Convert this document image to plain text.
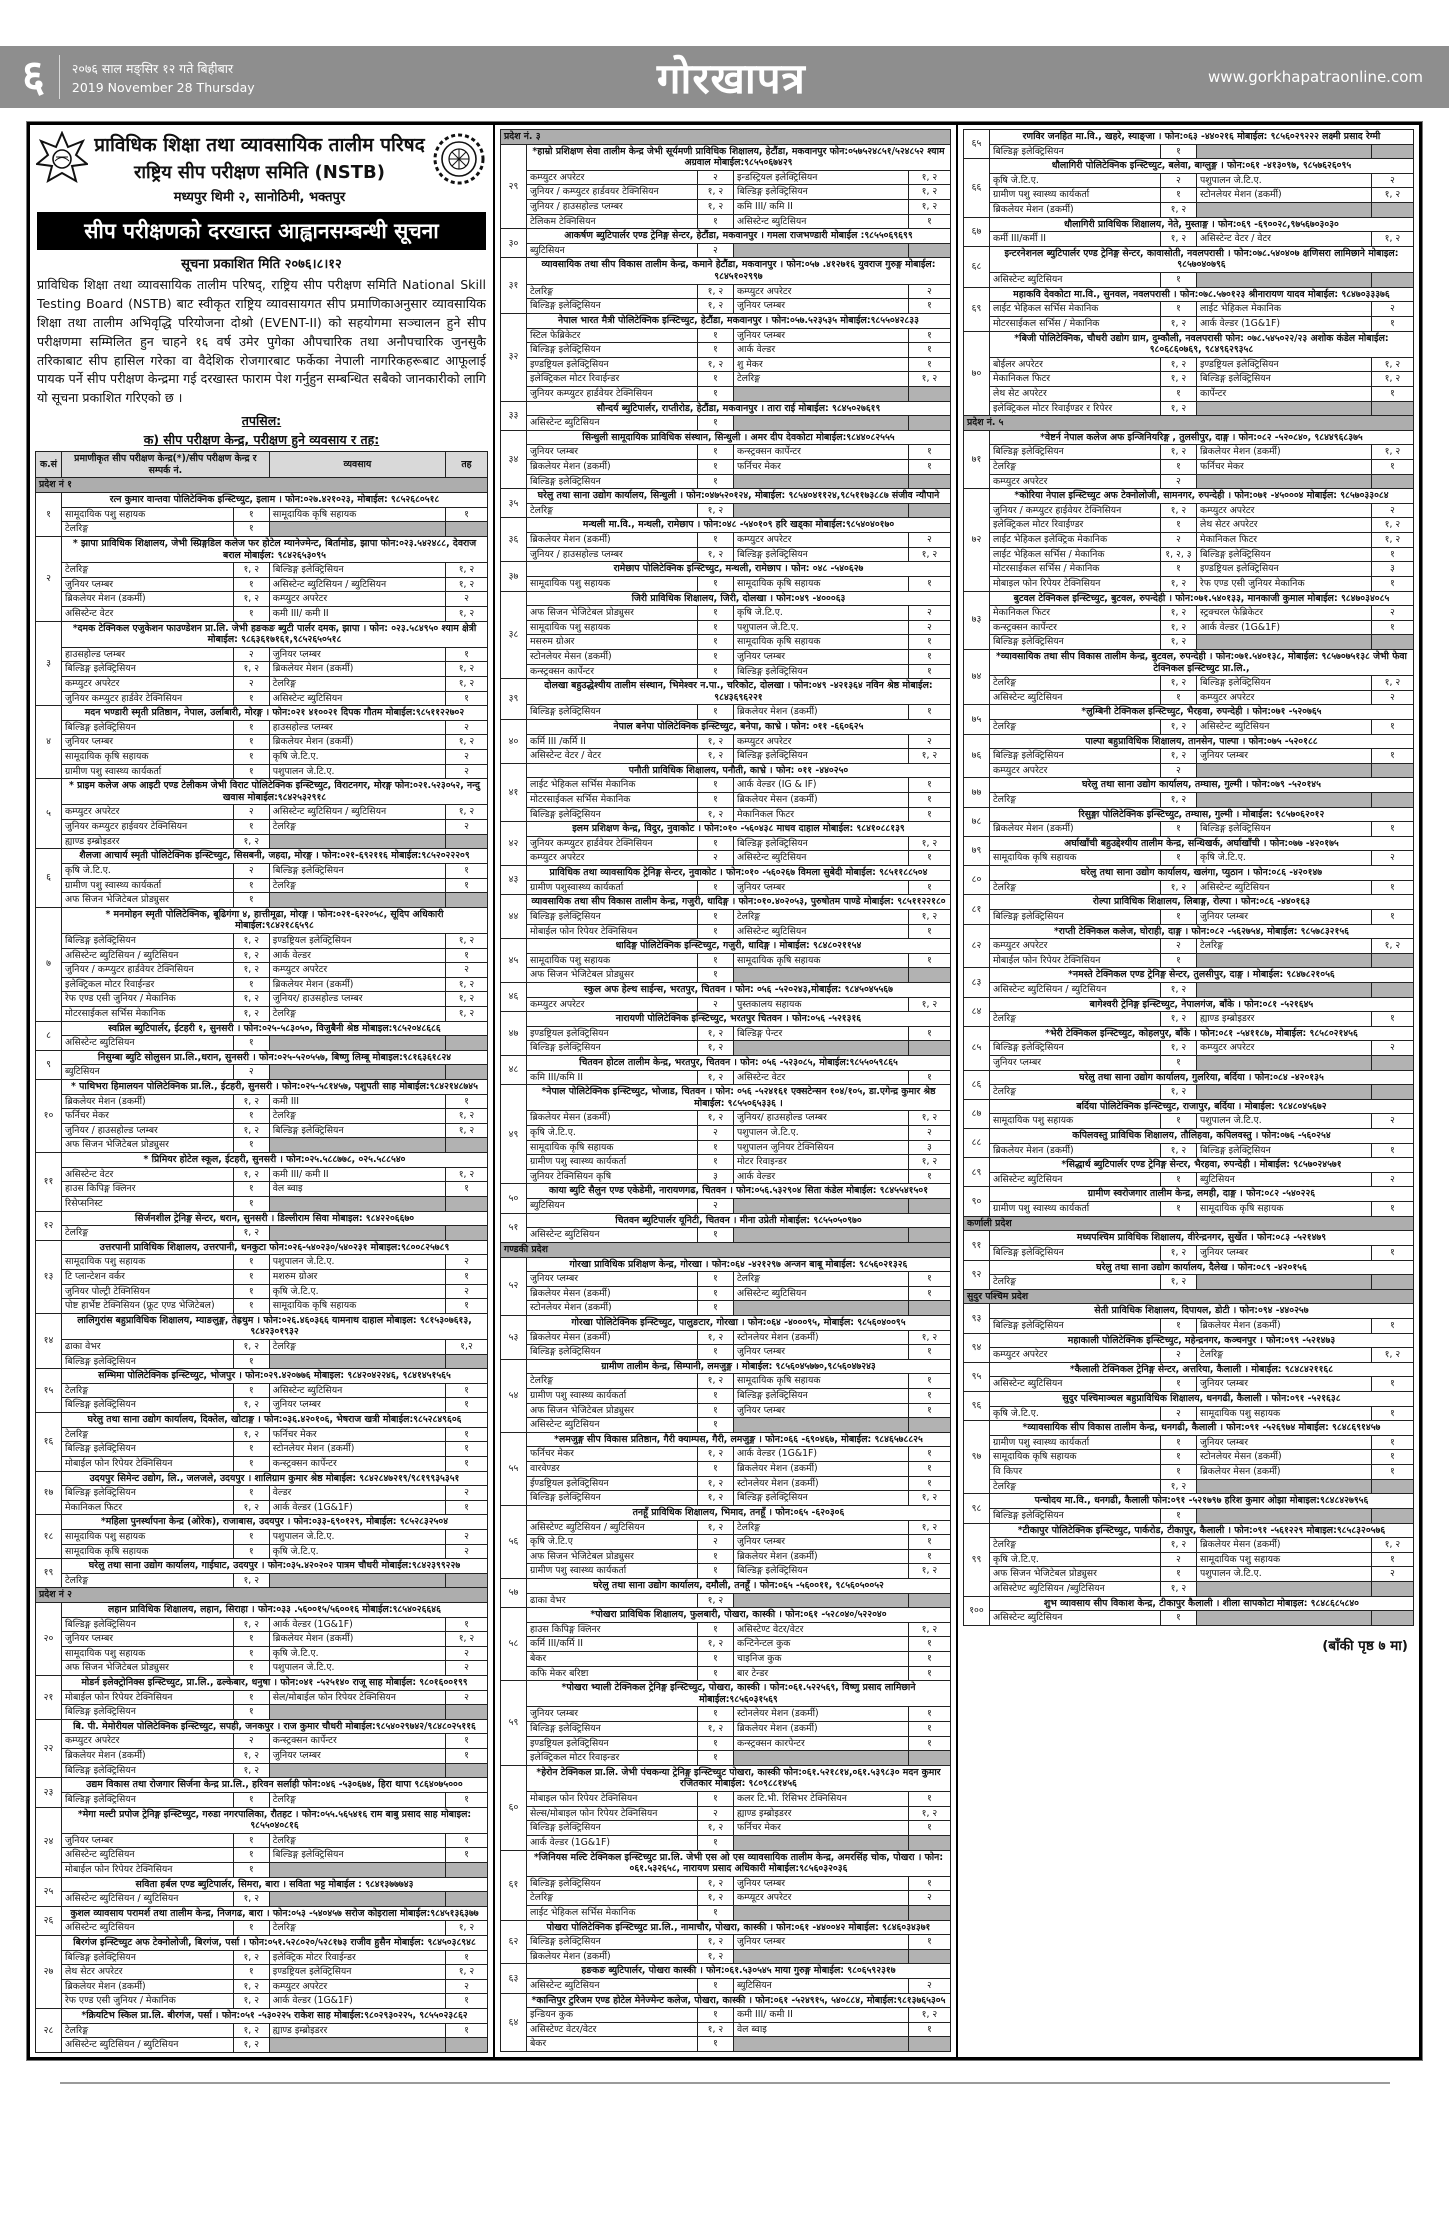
६	२०७६ साल मङ्सिर १२ गते बिहीबार
2019 November 28 Thursday	गोरखापत्र	www.gorkhapatraonline.com
प्राविधिक शिक्षा तथा व्यावसायिक तालीम परिषद
राष्ट्रिय सीप परीक्षण समिति (NSTB)
मध्यपुर थिमी २, सानोठिमी, भक्तपुर
सीप परीक्षणको दरखास्त आह्वानसम्बन्धी सूचना
सूचना प्रकाशित मिति २०७६।८।१२
प्राविधिक शिक्षा तथा व्यावसायिक तालीम परिषद्, राष्ट्रिय सीप परीक्षण समिति National Skill Testing Board (NSTB) बाट स्वीकृत राष्ट्रिय व्यावसायगत सीप प्रमाणिकाअनुसार व्यावसायिक शिक्षा तथा तालीम अभिवृद्धि परियोजना दोश्रो (EVENT-II) को सहयोगमा सञ्चालन हुने सीप परीक्षणमा सम्मिलित हुन चाहने १६ वर्ष उमेर पुगेका औपचारिक तथा अनौपचारिक जुनसुकै तरिकाबाट सीप हासिल गरेका वा वैदेशिक रोजगारबाट फर्केका नेपाली नागरिकहरूबाट आफूलाई पायक पर्ने सीप परीक्षण केन्द्रमा गई दरखास्त फाराम पेश गर्नुहुन सम्बन्धित सबैको जानकारीको लागि यो सूचना प्रकाशित गरिएको छ ।
तपसिल:
क) सीप परीक्षण केन्द्र, परीक्षण हुने व्यवसाय र तह:
क.सं	प्रमाणीकृत सीप परीक्षण केन्द्र(*)/सीप परीक्षण केन्द्र र सम्पर्क नं.		व्यवसाय	तह
प्रदेश नं १				
१	रत्न कुमार वान्तवा पोलिटेक्निक इन्स्टिच्युट, इलाम । फोन:०२७.४२१०२३, मोबाईल: ९८५२६८०५१८			
	सामूदायिक पशु सहायक	१	सामूदायिक कृषि सहायक	१
	टेलरिङ्ग	१		
२	* झापा प्राविधिक शिक्षालय, जेभी स्प्रिङ्गडिल कलेज फर होटेल म्यानेज्मेन्ट, बिर्तामोड, झापा फोन:०२३.५४२४८८, देवराज बराल मोबाईल: ९८४२६५३०९५			
	टेलरिङ्ग	१, २	बिल्डिङ्ग इलेक्ट्रिसियन	१, २
	जुनियर प्लम्बर	१	असिस्टेन्ट ब्युटिसियन / ब्युटिसियन	१, २
	ब्रिकलेयर मेशन (डकर्मी)	१, २	कम्प्युटर अपरेटर	२
	असिस्टेन्ट वेटर	१	कमी III/ कमी II	१, २
३	*दमक टेक्निकल एजुकेशन फाउण्डेशन प्रा.लि. जेभी हङकङ ब्युटी पार्लर दमक, झापा । फोन: ०२३.५८४९५० श्याम क्षेत्री मोबाईल: ९८६३६१७१६१,९८५२६५०५१८			
	हाउसहोल्ड प्लम्बर	२	जुनियर प्लम्बर	१
	बिल्डिङ्ग इलेक्ट्रिसियन	१, २	ब्रिकलेयर मेशन (डकर्मी)	१, २
	कम्प्युटर अपरेटर	२	टेलरिङ्ग	१, २
	जुनियर कम्प्युटर हार्डवेर टेक्निसियन	१	असिस्टेन्ट ब्युटिसियन	१
४	मदन भण्डारी स्मृती प्रतिष्ठान, नेपाल, उर्लाबारी, मोरङ्ग । फोन:०२१ ४१००२१ दिपक गौतम मोबाईल:९८५११२२७०२			
	बिल्डिङ्ग इलेक्ट्रिसियन	१	हाउसहोल्ड प्लम्बर	२
	जुनियर प्लम्बर	१	ब्रिकलेयर मेशन (डकर्मी)	१, २
	सामूदायिक कृषि सहायक	१	कृषि जे.टि.ए.	२
	ग्रामीण पशु स्वास्थ्य कार्यकर्ता	१	पशुपालन जे.टि.ए.	२
५	* प्राइम कलेज अफ आइटी एण्ड टेलीकम जेभी विराट पोलिटेक्निक इन्स्टिच्युट, विराटनगर, मोरङ्ग फोन:०२१.५२३०५२, नन्दु खवास मोबाईल:९८४२५३२९१८			
	कम्प्युटर अपरेटर	२	असिस्टेन्ट ब्युटिसियन / ब्युटिसियन	१, २
	जुनियर कम्प्युटर हाईवयर टेक्निसियन	१	टेलरिङ्ग	२
	ह्याण्ड इम्ब्रोइडरर	१, २		
६	शैलजा आचार्य स्मृती पोलिटेक्निक इन्स्टिच्युट, सिसबनी, जहदा, मोरङ्ग । फोन:०२१-६९२११६ मोबाईल:९८५२०२२२०९			
	कृषि जे.टि.ए.	२	बिल्डिङ्ग इलेक्ट्रिसियन	१
	ग्रामीण पशु स्वास्थ्य कार्यकर्ता	१	टेलरिङ्ग	१
	अफ सिजन भेजिटेबल प्रोड्युसर	१		
७	* मनमोहन स्मृती पोलिटेक्निक, बूढिगंगा ४, हात्तीमूढा, मोरङ्ग । फोन:०२१-६२२०५८, सूदिप अधिकारी मोबाईल:९८४२१८६५९८			
	बिल्डिङ्ग इलेक्ट्रिसियन	१, २	इण्डष्ट्रियल इलेक्ट्रिसियन	१, २
	असिस्टेन्ट ब्युटिसियन / ब्युटिसियन	१, २	आर्क वेल्डर	१
	जुनियर / कम्प्युटर हार्डवेयर टेक्निसियन	१, २	कम्प्युटर अपरेटर	२
	इलेक्ट्रिकल मोटर रिवाईन्डर	१	ब्रिकलेयर मेशन (डकर्मी)	१, २
	रेफ एण्ड एसी जुनियर / मेकानिक	१, २	जुनियर/ हाउसहोल्ड प्लम्बर	१, २
	मोटरसाईकल सर्भिस मेकानिक	१, २	टेलरिङ्ग	१, २
८	स्वप्निल ब्युटिपार्लर, ईटहरी १, सुनसरी । फोन:०२५-५८३०५०, विजुबैनी श्रेष्ठ मोबाइल:९८५२०४८६८६			
	असिस्टेन्ट ब्युटिसियन	१		
९	निसुम्बा ब्युटि सोलुसन प्रा.लि.,धरान, सुनसरी । फोन:०२५-५२०५५७, बिष्णु लिम्बू मोबाइल:९८१६३६१८२४			
	ब्युटिसियन	२		
१०	* पाथिभरा हिमालयन पोलिटेक्निक प्रा.लि., ईटहरी, सुनसरी । फोन:०२५-५८१४५७, पशुपती साह मोबाईल:९८४२१४८७४५			
	ब्रिकलेयर मेशन (डकर्मी)	१, २	कमी III	१
	फर्निचर मेकर	१	टेलरिङ्ग	१, २
	जुनियर / हाउसहोल्ड प्लम्बर	१, २	बिल्डिङ्ग इलेक्ट्रिसियन	१, २
	अफ सिजन भेजिटेबल प्रोड्युसर	१		
११	* प्रिमियर होटेल स्कूल, ईटहरी, सुनसरी । फोन:०२५.५८८७७८, ०२५.५८८५४०			
	असिस्टेन्ट वेटर	१, २	कमी III/ कमी II	१, २
	हाउस किपिङ्ग क्लिनर	१	वेल ब्वाइ	१
	रिसेप्सनिस्ट	१		
१२	सिर्जनशील ट्रेनिङ्ग सेन्टर, धरान, सुनसरी । डिल्लीराम सिवा मोबाइल: ९८४२२०६६७०			
	टेलरिङ्ग	१, २		
१३	उत्तरपानी प्राविधिक शिक्षालय, उत्तरपानी, धनकुटा फोन:०२६-५४०२३०/५४०२३१ मोबाइल:९८००८२५७८९			
	सामूदायिक पशु सहायक	१	पशुपालन जे.टि.ए.	२
	टि प्लान्टेशन वर्कर	१	मशरुम ग्रोअर	१
	जुनियर पोल्ट्री टेक्निसियन	१	कृषि जे.टि.ए.	२
	पोष्ट हार्भेष्ट टेक्निसियन (फ्रूट एण्ड भेजिटेबल)	१	सामूदायिक कृषि सहायक	१
१४	लालिगुरांस बहुप्राविधिक शिक्षालय, म्याङलुङ्ग, तेह्रथुम । फोन:०२६.४६०३६६ यामनाथ दाहाल मोबाइल: ९८१५३०७६१३, ९८४२३०१९३२			
	ढाका वेभर	१, २	टेलरिङ्ग	१,२
	बिल्डिङ्ग इलेक्ट्रिसियन	१		
१५	सम्भिमा पोलिटेक्निक इन्स्टिच्युट, भोजपुर । फोन:०२९.४२०७७६ मोबाइल: ९८४२०४२२४६, ९८४१४५१५६५			
	टेलरिङ्ग	१	असिस्टेन्ट ब्युटिसियन	१
	बिल्डिङ्ग इलेक्ट्रिसियन	१, २	जुनियर प्लम्बर	१
१६	घरेलु तथा साना उद्योग कार्यालय, दिक्तेल, खोटाङ्ग । फोन:०३६.४२०१०६, भेषराज खत्री मोबाईल:९८५२८४९६०६			
	टेलरिङ्ग	१, २	फर्निचर मेकर	१
	बिल्डिङ्ग इलेक्ट्रिसियन	१	स्टोनलेयर मेशन (डकर्मी)	१
	मोबाईल फोन रिपेयर टेक्निसियन	१	कन्स्ट्रक्सन कार्पेन्टर	१
१७	उदयपुर सिमेन्ट उद्योग, लि., जलजले, उदयपुर । शालिग्राम कुमार श्रेष्ठ मोबाईल: ९८४२८४७२१९/९८१९९३५३५१			
	बिल्डिङ्ग इलेक्ट्रिसियन	१	वेल्डर	२
	मेकानिकल फिटर	१, २	आर्क वेल्डर (1G&1F)	१
१८	*महिला पुनर्स्थापना केन्द्र (ओरेक), राजाबास, उदयपुर । फोन:०३३-६९०१२९, मोबाईल: ९८५२८३२५०४			
	सामूदायिक पशु सहायक	१	पशुपालन जे.टि.ए.	२
	सामूदायिक कृषि सहायक	१	कृषि जे.टि.ए.	२
१९	घरेलु तथा साना उद्योग कार्यालय, गाईघाट, उदयपुर । फोन:०३५.४२०२०२ पात्रम चौधरी मोबाईल:९८४२३९९२२७			
	टेलरिङ्ग	१, २		
प्रदेश नं २				
२०	लहान प्राविधिक शिक्षालय, लहान, सिराहा । फोन:०३३ .५६००१५/५६००१६ मोबाईल:९८५४०२६६४६			
	बिल्डिङ्ग इलेक्ट्रिसियन	१, २	आर्क वेल्डर (1G&1F)	१
	जुनियर प्लम्बर	१	ब्रिकलेयर मेशन (डकर्मी)	१, २
	सामूदायिक पशु सहायक	१	कृषि जे.टि.ए.	२
	अफ सिजन भेजिटेबल प्रोड्युसर	१	पशुपालन जे.टि.ए.	२
२१	मोडर्न इलेक्ट्रोनिक्स इन्स्टिच्युट, प्रा.लि., ढल्केबार, धनुषा । फोन:०४१ -५२५१४० राजू साह मोबाईल: ९८०१६००१९९			
	मोबाईल फोन रिपेयर टेक्निसियन	१	सेल/मोबाईल फोन रिपेयर टेक्निसियन	२
	बिल्डिङ्ग इलेक्ट्रिसियन	१		
२२	बि. पी. मेमोरीयल पोलिटेक्निक इन्स्टिच्युट, सपही, जनकपुर । राज कुमार चौधरी मोबाईल:९८५४०२९७४२/९८४८०२५११६			
	कम्प्युटर अपरेटर	२	कन्स्ट्रक्सन कार्पेन्टर	१
	ब्रिकलेयर मेशन (डकर्मी)	१, २	जुनियर प्लम्बर	१
	बिल्डिङ्ग इलेक्ट्रिसियन	१, २		
२३	उद्यम विकास तथा रोजगार सिर्जना केन्द्र प्रा.लि., हरिवन सर्लाही फोन:०४६ -५३०६७४, हिरा थापा ९८६४०७५०००			
	बिल्डिङ्ग इलेक्ट्रिसियन	१	टेलरिङ्ग	१
२४	*मेगा मल्टी प्रपोज ट्रेनिङ्ग इन्स्टिच्युट, गरुडा नगरपालिका, रौतहट । फोन:०५५.५६५४१६ राम बाबु प्रसाद साह मोबाइल: ९८५५०४०८१६			
	जुनियर प्लम्बर	१	टेलरिङ्ग	१
	असिस्टेन्ट ब्युटिसियन	१	बिल्डिङ्ग इलेक्ट्रिसियन	१
	मोबाईल फोन रिपेयर टेक्निसियन	१		
२५	सविता हर्बल एण्ड ब्युटिपार्लर, सिमरा, बारा । सविता भट्ट मोबाईल : ९८४१३७७७४३			
	असिस्टेन्ट ब्युटिसियन / ब्युटिसियन	१, २		
२६	कुशल व्यावसाय परामर्श तथा तालीम केन्द्र, निजगढ, बारा । फोन:०५३ -५४०४५७ सरोज कोइराला मोबाईल:९८४५१३६३७७			
	असिस्टेन्ट ब्युटिसियन	१	टेलरिङ्ग	१, २
२७	बिरगंज इन्स्टिच्युट अफ टेक्नोलोजी, बिरगंज, पर्सा । फोन:०५१.५२८०२०/५२८१७३ राजीव हुसैन मोबाईल: ९८४५०३८९४८			
	बिल्डिङ्ग इलेक्ट्रिसियन	१, २	इलेक्ट्रिक मोटर रिवाईन्डर	१
	लेथ सेटर अपरेटर	१	इण्डष्ट्रियल इलेक्ट्रिसियन	१, २
	ब्रिकलेयर मेशन (डकर्मी)	१, २	कम्प्युटर अपरेटर	२
	रेफ एण्ड एसी जुनियर / मेकानिक	१, २	आर्क वेल्डर (1G&1F)	१
२८	*क्रियटिभ स्किल प्रा.लि. बीरगंज, पर्सा । फोन:०५१ -५३०२२५ राकेश साह मोबाईल:९८०२९३०२२५, ९८५५०२३८६२			
	टेलरिङ्ग	१, २	ह्याण्ड इम्ब्रोइडरर	१
	असिस्टेन्ट ब्युटिसियन / ब्युटिसियन	१, २		
प्रदेश नं. ३				
२९	*हाम्रो प्रशिक्षण सेवा तालीम केन्द्र जेभी सूर्यमणी प्राविधिक शिक्षालय, हेटौंडा, मकवानपुर फोन:०५७५२४८५१/५२४८५२ श्याम अग्रवाल मोबाईल:९८५५०६७४२९			
	कम्प्युटर अपरेटर	२	इन्डस्ट्रियल इलेक्ट्रिसियन	१, २
	जुनियर / कम्प्युटर हार्डवयर टेक्निसियन	१, २	बिल्डिङ्ग इलेक्ट्रिसियन	१, २
	जुनियर / हाउसहोल्ड प्लम्बर	१, २	कमि III/ कमि II	१, २
	टेलिकम टेक्निसियन	१	असिस्टेन्ट ब्युटिसियन	१
३०	आकर्षण ब्युटिपार्लर एण्ड ट्रेनिङ्ग सेन्टर, हेटौंडा, मकवानपुर । गमला राजभण्डारी मोबाईल :९८५५०६९६९९			
	ब्युटिसियन	२		
३१	व्यावसायिक तथा सीप विकास तालीम केन्द्र, कमाने हेटौंडा, मकवानपुर । फोन:०५७ .४१२७१६ युवराज गुरुङ्ग मोबाईल: ९८४५१०२९९७			
	टेलरिङ्ग	१, २	कम्प्युटर अपरेटर	२
	बिल्डिङ्ग इलेक्ट्रिसियन	१, २	जुनियर प्लम्बर	१
३२	नेपाल भारत मैत्री पोलिटेक्निक इन्स्टिच्युट, हेटौंडा, मकवानपुर । फोन:०५७.५२३५३५ मोबाईल:९८५५०४२८३३			
	स्टिल फेब्रिकेटर	१	जुनियर प्लम्बर	१
	बिल्डिङ्ग इलेक्ट्रिसियन	१	आर्क वेल्डर	१
	इण्डष्ट्रियल इलेक्ट्रिसियन	१, २	शु मेकर	१
	इलेक्ट्रिकल मोटर रिवाईन्डर	१	टेलरिङ्ग	१, २
	जुनियर कम्प्युटर हार्डवेयर टेक्निसियन	१		
३३	सौन्दर्य ब्युटिपार्लर, राप्तीरोड, हेटौंडा, मकवानपुर । तारा राई मोबाईल: ९८४५०२७६१९			
	असिस्टेन्ट ब्युटिसियन	१		
३४	सिन्धुली सामूदायिक प्राविधिक संस्थान, सिन्धुली । अमर दीप देवकोटा मोबाईल:९८४४०८२५५५			
	जुनियर प्लम्बर	१	कन्स्ट्रक्सन कार्पेन्टर	१
	ब्रिकलेयर मेशन (डकर्मी)	१	फर्निचर मेकर	१
	बिल्डिङ्ग इलेक्ट्रिसियन	१		
३५	घरेलु तथा साना उद्योग कार्यालय, सिन्धुली । फोन:०४७५२०१२४, मोबाईल: ९८५४०४११२४,९८५११७३८८७ संजीव न्यौपाने			
	टेलरिङ्ग	१, २		
३६	मन्थली मा.वि., मन्थली, रामेछाप । फोन:०४८ -५४०१०९ हरि खड्का मोबाईल:९८५४०४०१७०			
	ब्रिकलेयर मेशन (डकर्मी)	१	कम्प्युटर अपरेटर	२
	जुनियर / हाउसहोल्ड प्लम्बर	१, २	बिल्डिङ्ग इलेक्ट्रिसियन	१, २
३७	रामेछाप पोलिटेक्निक इन्स्टिच्युट, मन्थली, रामेछाप । फोन: ०४८ -५४०६२७			
	सामूदायिक पशु सहायक	१	सामूदायिक कृषि सहायक	१
३८	जिरी प्राविधिक शिक्षालय, जिरी, दोलखा । फोन:०४९ -४०००६३			
	अफ सिजन भेजिटेबल प्रोड्युसर	१	कृषि जे.टि.ए.	२
	सामूदायिक पशु सहायक	१	पशुपालन जे.टि.ए.	२
	मसरुम ग्रोअर	१	सामूदायिक कृषि सहायक	१
	स्टोनलेयर मेसन (डकर्मी)	१	जुनियर प्लम्बर	१
	कन्स्ट्रक्सन कार्पेन्टर	१	बिल्डिङ्ग इलेक्ट्रिसियन	१
३९	दोलखा बहुउद्धेश्यीय तालीम संस्थान, भिमेश्वर न.पा., चरिकोट, दोलखा । फोन:०४९ -४२१३६४ नविन श्रेष्ठ मोबाईल: ९८४३६९६२२१			
	बिल्डिङ्ग इलेक्ट्रिसियन	१	ब्रिकलेयर मेशन (डकर्मी)	१
४०	नेपाल बनेपा पोलिटेक्निक इन्स्टिच्युट, बनेपा, काभ्रे । फोन: ०११ -६६०६२५			
	कर्मि III /कर्मि II	१, २	कम्प्युटर अपरेटर	२
	असिस्टेन्ट वेटर / वेटर	१, २	बिल्डिङ्ग इलेक्ट्रिसियन	१, २
४१	पनौती प्राविधिक शिक्षालय, पनौती, काभ्रे । फोन: ०११ -४४०२५०			
	लाईट भेहिकल सर्भिस मेकानिक	१	आर्क वेल्डर (IG & IF)	१
	मोटरसाईकल सर्भिस मेकानिक	१	ब्रिकलेयर मेसन (डकर्मी)	१
	बिल्डिङ्ग इलेक्ट्रिसियन	१, २	मेकानिकल फिटर	१
४२	इलम प्रशिक्षण केन्द्र, विदुर, नुवाकोट । फोन:०१० -५६०४३८ माधव दाहाल मोबाईल: ९८४१०८८१३९			
	जुनियर कम्प्युटर हार्डवेयर टेक्निसियन	१	बिल्डिङ्ग इलेक्ट्रिसियन	१, २
	कम्प्युटर अपरेटर	२	असिस्टेन्ट ब्युटिसियन	१
४३	प्राविधिक तथा व्यावसायिक ट्रेनिङ्ग सेन्टर, नुवाकोट । फोन:०१० -५६०२६७ विमला सुबेदी मोबाईल: ९८५११८८५०४			
	ग्रामीण पशुस्वास्थ्य कार्यकर्ता	१	जुनियर प्लम्बर	१
४४	व्यावसायिक तथा सीप विकास तालीम केन्द्र, गजुरी, धादिङ्ग । फोन:०१०.४०२०५३, पुरुषोतम पाण्डे मोबाईल: ९८५११२२१८०			
	बिल्डिङ्ग इलेक्ट्रिसियन	१	टेलरिङ्ग	१, २
	मोबाईल फोन रिपेयर टेक्निसियन	१	असिस्टेन्ट ब्युटिसियन	१
४५	धादिङ्ग पोलिटेक्निक इन्स्टिच्युट, गजुरी, धादिङ्ग । मोबाईल: ९८४८०२११५४			
	सामूदायिक पशु सहायक	१	सामूदायिक कृषि सहायक	१
	अफ सिजन भेजिटेबल प्रोड्युसर	१		
४६	स्कुल अफ हेल्थ साईन्स, भरतपुर, चितवन । फोन: ०५६ -५२०२४३,मोबाईल: ९८४५०४५५६७			
	कम्प्युटर अपरेटर	२	पुस्तकालय सहायक	१, २
४७	नारायणी पोलिटेक्निक इन्स्टिच्युट, भरतपुर चितवन । फोन:०५६ -५२१३१६			
	इण्डष्ट्रियल इलेक्ट्रिसियन	१, २	बिल्डिङ्ग पेन्टर	१
	बिल्डिङ्ग इलेक्ट्रिसियन	१, २		
४८	चितवन होटल तालीम केन्द्र, भरतपुर, चितवन । फोन: ०५६ -५२३०८५, मोबाईल:९८५५०५९८६५			
	कमि III/कमि II	१, २	असिस्टेन्ट वेटर	१
४९	*नेपाल पोलिटेक्निक इन्स्टिच्युट, भोजाड, चितवन । फोन: ०५६ -५२४१६१ एक्सटेन्सन १०४/१०५, डा.एगेन्द्र कुमार श्रेष्ठ मोबाईल: ९८५५०६५३३६ ।			
	ब्रिकलेयर मेसन (डकर्मी)	१, २	जुनियर/ हाउसहोल्ड प्लम्बर	१, २
	कृषि जे.टि.ए.	२	पशुपालन जे.टि.ए.	२
	सामूदायिक कृषि सहायक	१	पशुपालन जुनियर टेक्निसियन	३
	ग्रामीण पशु स्वास्थ्य कार्यकर्ता	१	मोटर रिवाइन्डर	१, २
	जुनियर टेक्निसियन कृषि	३	आर्क वेल्डर	१
५०	काया ब्युटि सैलुन एण्ड एकेडेमी, नारायणगढ, चितवन । फोन:०५६.५३२९०४ सिता कंडेल मोबाईल: ९८४५५४१५०१			
	ब्युटिसियन	२		
५१	चितवन ब्युटिपार्लर यूनिटी, चितवन । मीना उप्रेती मोबाईल: ९८५५०५०९७०			
	असिस्टेन्ट ब्युटिसियन	१		
गण्डकी प्रदेश				
५२	गोरखा प्राविधिक प्रशिक्षण केन्द्र, गोरखा । फोन:०६४ -४२१२९७ अन्जन बाबू मोबाईल: ९८५६०२१३२६			
	जुनियर प्लम्बर	१	टेलरिङ्ग	१
	ब्रिकलेयर मेसन (डकर्मी)	१	असिस्टेन्ट ब्युटिसियन	१
	स्टोनलेयर मेशन (डकर्मी)	१		
५३	गोरखा पोलिटेक्निक इन्स्टिच्युट, पालुङटार, गोरखा । फोन:०६४ -४०००९५, मोबाईल: ९८५६०४००९५			
	ब्रिकलेयर मेसन (डकर्मी)	१, २	स्टोनलेयर मेशन (डकर्मी)	१, २
	बिल्डिङ्ग इलेक्ट्रिसियन	१	जुनियर प्लम्बर	१
५४	ग्रामीण तालीम केन्द्र, सिम्पानी, लमजुङ्ग । मोबाईल: ९८५६०४५७७०,९८५६०४७२४३			
	टेलरिङ्ग	१, २	सामूदायिक कृषि सहायक	१
	ग्रामीण पशु स्वास्थ्य कार्यकर्ता	१	बिल्डिङ्ग इलेक्ट्रिसियन	१
	अफ सिजन भेजिटेबल प्रोड्युसर	१	जुनियर प्लम्बर	१
	असिस्टेन्ट ब्युटिसियन	१		
५५	*लमजुङ्ग सीप विकास प्रतिष्ठान, गैरी क्याम्पस, गैरी, लमजुङ्ग । फोन:०६६ -६९०४६७, मोबाईल: ९८४६५७८८२५			
	फर्निचर मेकर	१, २	आर्क वेल्डर (1G&1F)	१
	वारवेण्डर	१	ब्रिकलेयर मेशन (डकर्मी)	१
	ईण्डष्ट्रियल इलेक्ट्रिसियन	१, २	स्टोनलेयर मेशन (डकर्मी)	१
	बिल्डिङ्ग इलेक्ट्रिसियन	१, २	बिल्डिङ्ग इलेक्ट्रिसियन	१, २
५६	तनहूँ प्राविधिक शिक्षालय, भिमाद, तनहूँ । फोन:०६५ -६२०३०६			
	असिस्टेण्ट ब्युटिसियन / ब्युटिसियन	१, २	टेलरिङ्ग	१, २
	कृषि जे.टि.ए	२	जुनियर प्लम्बर	१
	अफ सिजन भेजिटेबल प्रोड्युसर	१	ब्रिकलेयर मेशन (डकर्मी)	१
	ग्रामीण पशु स्वास्थ्य कार्यकर्ता	१	बिल्डिङ्ग इलेक्ट्रिसियन	१, २
५७	घरेलु तथा साना उद्योग कार्यालय, दमौली, तनहूँ । फोन:०६५ -५६००११, ९८५६०५००५२			
	ढाका वेभर	१, २		
५८	*पोखरा प्राविधिक शिक्षालय, फुलबारी, पोखरा, कास्की । फोन:०६१ -५२८०४०/५२२०४०			
	हाउस किपिङ्ग क्लिनर	१	असिस्टेण्ट वेटर/वेटर	१, २
	कर्मि III/कर्मि II	१, २	कन्टिनेन्टल कुक	१
	बेकर	१	चाइनिज कुक	१
	कफि मेकर बरिष्टा	१	बार टेन्डर	१
५९	*पोखरा भ्याली टेक्निकल ट्रेनिङ्ग इन्स्टिच्युट, पोखरा, कास्की । फोन:०६१.५२२५६९, विष्णु प्रसाद लामिछाने मोबाईल:९८५६०३१५६९			
	जुनियर प्लम्बर	१	स्टोनलेयर मेशन (डकर्मी)	१
	बिल्डिङ्ग इलेक्ट्रिसियन	१, २	ब्रिकलेयर मेशन (डकर्मी)	१
	इण्डष्ट्रियल इलेक्ट्रिसियन	१	कन्स्ट्रक्सन कारपेन्टर	१
	इलेक्ट्रिकल मोटर रिवाइन्डर	१		
६०	*हेरोन टेक्निकल प्रा.लि. जेभी पंचकन्या ट्रेनिङ्ग इन्स्टिच्युट पोखरा, कास्की फोन:०६१.५२१८१४,०६१.५३९८३० मदन कुमार रजितकार मोबाईल: ९८०९८८१४५६			
	मोबाइल फोन रिपेयर टेक्निसियन	१	कलर टि.भी. रिसिभर टेक्निसियन	१
	सेल्स/मोबाइल फोन रिपेयर टेक्निसियन	२	ह्याण्ड इम्ब्रोइडरर	१, २
	बिल्डिङ्ग इलेक्ट्रिसियन	१, २	फर्निचर मेकर	१
	आर्क वेल्डर (1G&1F)	१		
६१	*जिनियस मल्टि टेक्निकल इन्स्टिच्युट प्रा.लि. जेभी एस ओ एस व्यावसायिक तालीम केन्द्र, अमरसिंह चोक, पोखरा । फोन: ०६१.५३२६५८, नारायण प्रसाद अधिकारी मोबाईल:९८५६०३२०३६			
	बिल्डिङ्ग इलेक्ट्रिसियन	१, २	जुनियर प्लम्बर	१
	टेलरिङ्ग	१, २	कम्प्यूटर अपरेटर	२
	लाईट भेहिकल सर्भिस मेकानिक	१		
६२	पोखरा पोलिटेक्निक इन्स्टिच्युट प्रा.लि., नामाचौर, पोखरा, कास्की । फोन:०६१ -४४००४२ मोबाईल: ९८४६०३४३७१			
	बिल्डिङ्ग इलेक्ट्रिसियन	१, २	जुनियर प्लम्बर	१
	ब्रिकलेयर मेशन (डकर्मी)	१, २		
६३	हङकङ ब्युटिपार्लर, पोखरा कास्की । फोन:०६१.५३०५४५ माया गुरुङ्ग मोबाईल: ९८०६५९२३१७			
	असिस्टेन्ट ब्युटिसियन	१	ब्युटिसियन	२
६४	*कान्तिपुर टुरिजम एण्ड होटेल मेनेज्मेन्ट कलेज, पोखरा, कास्की । फोन:०६१ -५२४९१५, ५४०८८४, मोबाईल:९८१३७६५३०५			
	इन्डियन कुक	१	कमी III/ कमी II	१, २
	असिस्टेण्ट वेटर/वेटर	१, २	वेल ब्वाइ	१
	बेकर	१		
६५	रणविर जनहित मा.वि., खहरे, स्याङ्जा । फोन:०६३ -४४०२१६ मोबाईल: ९८५६०२९२२२ लक्ष्मी प्रसाद रेग्मी			
	बिल्डिङ्ग इलेक्ट्रिसियन	१		
६६	धौलागिरी पोलिटेक्निक इन्स्टिच्युट, बलेवा, बाग्लुङ्ग । फोन:०६१ -४१३०९७, ९८५७६२६०९५			
	कृषि जे.टि.ए.	२	पशुपालन जे.टि.ए.	२
	ग्रामीण पशु स्वास्थ्य कार्यकर्ता	१	स्टोनलेयर मेशन (डकर्मी)	१, २
	ब्रिकलेयर मेशन (डकर्मी)	१, २		
६७	धौलागिरी प्राविधिक शिक्षालय, नेते, मुस्ताङ्ग । फोन:०६९ -६९००२८,९७५६७०३०३०			
	कर्मी III/कर्मी II	१, २	असिस्टेन्ट वेटर / वेटर	१, २
६८	इन्टरनेशनल ब्युटिपार्लर एण्ड ट्रेनिङ्ग सेन्टर, कावासोती, नवलपरासी । फोन:०७८.५४०४०७ क्षणिसरा लामिछाने मोबाइल: ९८५७०४०७९६			
	असिस्टेन्ट ब्युटिसियन	१		
६९	महाकवि देवकोटा मा.वि., सुनवल, नवलपरासी । फोन:०७८.५७०१२३ श्रीनारायण यादव मोबाईल: ९८४७०३३३७६			
	लाईट भेहिकल सर्भिस मेकानिक	१	लाईट भेहिकल मेकानिक	२
	मोटरसाईकल सर्भिस / मेकानिक	१, २	आर्क वेल्डर (1G&1F)	१
७०	*बिजी पोलिटेक्निक, चौधरी उद्योग ग्राम, दुम्कौली, नवलपरासी फोन: ०७८.५४५०२२/२३ अशोक कंडेल मोबाईल: ९८०६८६०७६९, ९८४९६२९३५८			
	बोईलर अपरेटर	१, २	इण्डष्ट्रियल इलेक्ट्रिसियन	१, २
	मेकानिकल फिटर	१, २	बिल्डिङ्ग इलेक्ट्रिसियन	१, २
	लेथ सेट अपरेटर	१	कार्पेन्टर	१
	इलेक्ट्रिकल मोटर रिवाईण्डर र रिपेरर	१, २		
प्रदेश नं. ५				
७१	*वेष्टर्न नेपाल कलेज अफ इन्जिनियरिङ्ग , तुलसीपुर, दाङ्ग । फोन:०८२ -५२०८४०, ९८४४९६८३७५			
	बिल्डिङ्ग इलेक्ट्रिसियन	१, २	ब्रिकलेयर मेशन (डकर्मी)	१, २
	टेलरिङ्ग	१	फर्निचर मेकर	१
	कम्प्युटर अपरेटर	२		
७२	*कोरिया नेपाल इन्स्टिच्युट अफ टेक्नोलोजी, सामनगर, रुपन्देही । फोन:०७१ -४५०००४ मोबाईल: ९८५७०३३०८४			
	जुनियर / कम्प्युटर हाईवेयर टेक्निसियन	१, २	कम्प्युटर अपरेटर	२
	इलेक्ट्रिकल मोटर रिवाईण्डर	१	लेथ सेटर अपरेटर	१, २
	लाईट भेहिकल इलेक्ट्रिक मेकानिक	२	मेकानिकल फिटर	१, २
	लाईट भेहिकल सर्भिस / मेकानिक	१, २, ३	बिल्डिङ्ग इलेक्ट्रिसियन	१
	मोटरसाईकल सर्भिस / मेकानिक	१	इण्डष्ट्रियल इलेक्ट्रिसियन	३
	मोबाइल फोन रिपेयर टेक्निसियन	१, २	रेफ एण्ड एसी जुनियर मेकानिक	१
७३	बुटवल टेक्निकल इन्स्टिच्युट, बुटवल, रुपन्देही । फोन:०७१.५४०१३३, मानकाजी कुमाल मोबाईल: ९८४७०३४०८५			
	मेकानिकल फिटर	१, २	स्ट्रक्चरल फेब्रिकेटर	२
	कन्स्ट्रक्सन कार्पेन्टर	१, २	आर्क वेल्डर (1G&1F)	१
	बिल्डिङ्ग इलेक्ट्रिसियन	१, २		
७४	*व्यावसायिक तथा सीप विकास तालीम केन्द्र, बुटवल, रुपन्देही । फोन:०७१.५४०१३८, मोबाईल: ९८५७०७५१३८ जेभी फेवा टेक्निकल इन्स्टिच्युट प्रा.लि.,			
	टेलरिङ्ग	१, २	बिल्डिङ्ग इलेक्ट्रिसियन	१, २
	असिस्टेन्ट ब्युटिसियन	१	कम्प्युटर अपरेटर	२
७५	*लुम्बिनी टेक्निकल इन्स्टिच्युट, भैरहवा, रुपन्देही । फोन:०७१ -५२०७६५			
	टेलरिङ्ग	१, २	असिस्टेन्ट ब्युटिसियन	१
७६	पाल्पा बहुप्राविधिक शिक्षालय, तानसेन, पाल्पा । फोन:०७५ -५२०१८८			
	बिल्डिङ्ग इलेक्ट्रिसियन	१, २	जुनियर प्लम्बर	१
	कम्प्युटर अपरेटर	२		
७७	घरेलु तथा साना उद्योग कार्यालय, तम्घास, गुल्मी । फोन:०७९ -५२०१४५			
	टेलरिङ्ग	१, २		
७८	रिसुङ्गा पोलिटेक्निक इन्स्टिच्युट, तम्घास, गुल्मी । मोबाईल: ९८५७०६२०१२			
	ब्रिकलेयर मेशन (डकर्मी)	१	बिल्डिङ्ग इलेक्ट्रिसियन	१
७९	अर्घाखाँची बहुउद्देश्यीय तालीम केन्द्र, सन्धिखर्क, अर्घाखाँची । फोन:०७७ -४२०१७५			
	सामूदायिक कृषि सहायक	१	कृषि जे.टि.ए.	२
८०	घरेलु तथा साना उद्योग कार्यालय, खलंगा, प्युठान । फोन:०८६ -४२०१४७			
	टेलरिङ्ग	१, २	असिस्टेन्ट ब्युटिसियन	१
८१	रोल्पा प्राविधिक शिक्षालय, लिबाङ्ग, रोल्पा । फोन:०८६ -४४०१६३			
	बिल्डिङ्ग इलेक्ट्रिसियन	१	जुनियर प्लम्बर	१
८२	*राप्ती टेक्निकल कलेज, घोराही, दाङ्ग । फोन:०८२ -५६२७५४, मोबाईल: ९८५७८३२१५६			
	कम्प्युटर अपरेटर	२	टेलरिङ्ग	१, २
	मोबाईल फोन रिपेयर टेक्निसियन	१		
८३	*नमस्ते टेक्निकल एण्ड ट्रेनिङ्ग सेन्टर, तुलसीपुर, दाङ्ग । मोबाईल: ९८४७८२१०५६			
	असिस्टेन्ट ब्युटिसियन / ब्युटिसियन	१, २		
८४	बागेश्वरी ट्रेनिङ्ग इन्स्टिच्युट, नेपालगंज, बाँके । फोन:०८१ -५२१६४५			
	टेलरिङ्ग	१, २	ह्याण्ड इम्ब्रोइडरर	१
८५	*भेरी टेक्निकल इन्स्टिच्युट, कोहलपुर, बाँके । फोन:०८१ -५४११८७, मोबाईल: ९८५८०२१४५६			
	बिल्डिङ्ग इलेक्ट्रिसियन	१, २	कम्प्युटर अपरेटर	२
	जुनियर प्लम्बर	१		
८६	घरेलु तथा साना उद्योग कार्यालय, गुलरिया, बर्दिया । फोन:०८४ -४२०१३५			
	टेलरिङ्ग	१, २		
८७	बर्दिया पोलिटेक्निक इन्स्टिच्युट, राजापुर, बर्दिया । मोबाईल: ९८४८०४५६७२			
	सामूदायिक पशु सहायक	१	पशुपालन जे.टि.ए.	२
८८	कपिलवस्तु प्राविधिक शिक्षालय, तौलिहवा, कपिलवस्तु । फोन:०७६ -५६०२५४			
	ब्रिकलेयर मेशन (डकर्मी)	१, २	बिल्डिङ्ग इलेक्ट्रिसियन	१
८९	*सिद्धार्थ ब्युटिपार्लर एण्ड ट्रेनिङ्ग सेन्टर, भैरहवा, रुपन्देही । मोबाईल: ९८५७०२४५७१			
	असिस्टेन्ट ब्युटिसियन	१	ब्युटिसियन	२
९०	ग्रामीण स्वरोजगार तालीम केन्द्र, लमही, दाङ्ग । फोन:०८२ -५४०२२६			
	ग्रामीण पशु स्वास्थ्य कार्यकर्ता	१	सामूदायिक कृषि सहायक	१
कर्णाली प्रदेश				
९१	मध्यपश्चिम प्राविधिक शिक्षालय, वीरेन्द्रनगर, सुर्खेत । फोन:०८३ -५२१४७९			
	बिल्डिङ्ग इलेक्ट्रिसियन	१, २	जुनियर प्लम्बर	१
९२	घरेलु तथा साना उद्योग कार्यालय, दैलेख । फोन:०८९ -४२०१५६			
	टेलरिङ्ग	१, २		
सुदुर पश्चिम प्रदेश				
९३	सेती प्राविधिक शिक्षालय, दिपायल, डोटी । फोन:०९४ -४४०२५७			
	बिल्डिङ्ग इलेक्ट्रिसियन	१	ब्रिकलेयर मेशन (डकर्मी)	१
९४	महाकाली पोलिटेक्निक इन्स्टिच्युट, महेन्द्रनगर, कञ्चनपुर । फोन:०९९ -५२१४७३			
	कम्प्युटर अपरेटर	२	टेलरिङ्ग	१, २
९५	*कैलाली टेक्निकल ट्रेनिङ्ग सेन्टर, अत्तरिया, कैलाली । मोबाईल: ९८४८४२११६८			
	असिस्टेन्ट ब्युटिसियन	१	जुनियर प्लम्बर	१
९६	सुदुर पश्चिमाञ्चल बहुप्राविधिक शिक्षालय, धनगढी, कैलाली । फोन:०९१ -५२१६३८			
	कृषि जे.टि.ए.	२	सामूदायिक पशु सहायक	१
९७	*व्यावसायिक सीप विकास तालीम केन्द्र, धनगढी, कैलाली । फोन:०९१ -५२६९७४ मोबाईल: ९८४८६९१४५७			
	ग्रामीण पशु स्वास्थ्य कार्यकर्ता	१	जुनियर प्लम्बर	१
	सामूदायिक कृषि सहायक	१	स्टोनलेयर मेसन (डकर्मी)	१
	वि किपर	१	ब्रिकलेयर मेसन (डकर्मी)	१
	टेलरिङ्ग	१, २		
९८	पन्चोदय मा.वि., धनगढी, कैलाली फोन:०९१ -५२१७९७ हरिश कुमार ओझा मोबाइल:९८४८४२७९५६			
	बिल्डिङ्ग इलेक्ट्रिसियन	१		
९९	*टीकापुर पोलिटेक्निक इन्स्टिच्युट, पार्करोड, टीकापुर, कैलाली । फोन:०९१ -५६१२२९ मोबाइल:९८५८३२०५७६			
	टेलरिङ्ग	१, २	ब्रिकलेयर मेसन (डकर्मी)	१, २
	कृषि जे.टि.ए.	२	सामूदायिक पशु सहायक	१
	अफ सिजन भेजिटेबल प्रोड्युसर	१	पशुपालन जे.टि.ए.	२
	असिस्टेण्ट ब्युटिसियन /ब्युटिसियन	१, २		
१००	शुभ व्यावसाय सीप विकाश केन्द्र, टीकापुर कैलाली । शीला सापकोटा मोबाइल: ९८४८६८५८४०			
	असिस्टेन्ट ब्युटिसियन	१		
(बाँकी पृष्ठ ७ मा)
